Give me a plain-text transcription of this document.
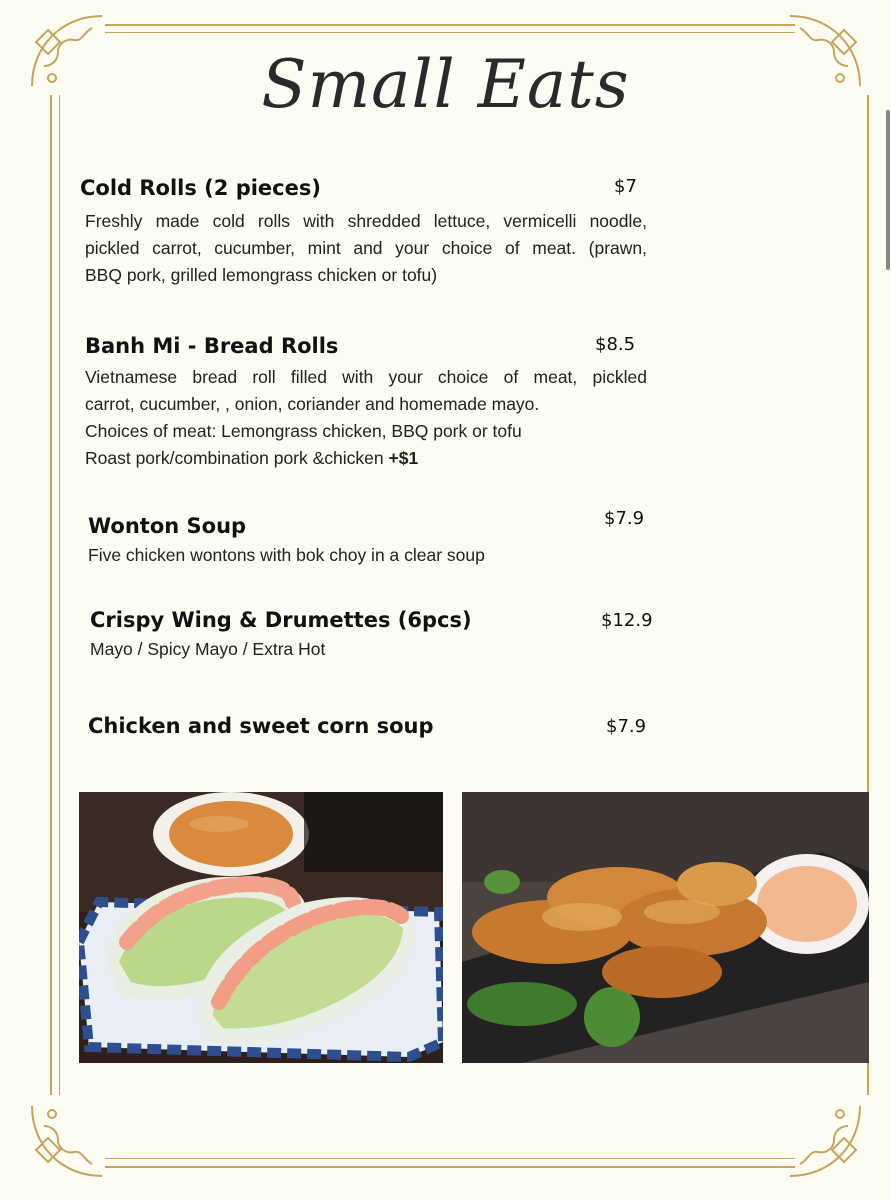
Small Eats
Cold Rolls (2 pieces)	$7
Freshly made cold rolls with shredded lettuce, vermicelli noodle,
pickled carrot, cucumber, mint and your choice of meat. (prawn,
BBQ pork, grilled lemongrass chicken or tofu)
Banh Mi - Bread Rolls	$8.5
Vietnamese bread roll filled with your choice of meat, pickled
carrot, cucumber, , onion, coriander and homemade mayo.
Choices of meat: Lemongrass chicken, BBQ pork or tofu
Roast pork/combination pork &chicken +$1
Wonton Soup	$7.9
Five chicken wontons with bok choy in a clear soup
Crispy Wing & Drumettes (6pcs)	$12.9
Mayo / Spicy Mayo / Extra Hot
Chicken and sweet corn soup	$7.9
